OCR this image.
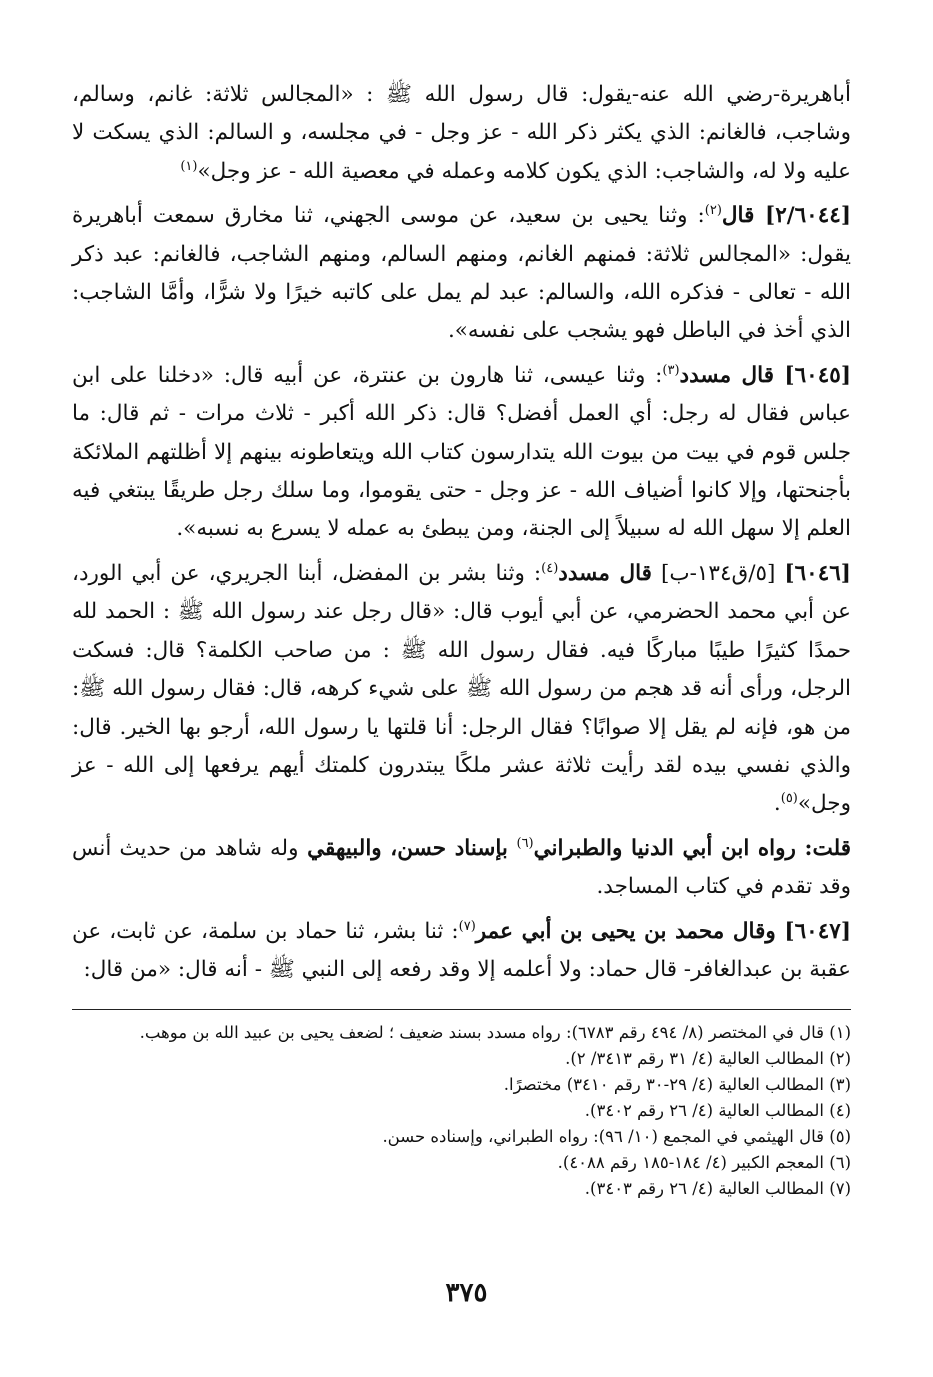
أباهريرة-رضي الله عنه-يقول: قال رسول الله ﷺ : «المجالس ثلاثة: غانم، وسالم، وشاجب، فالغانم: الذي يكثر ذكر الله - عز وجل - في مجلسه، و السالم: الذي يسكت لا عليه ولا له، والشاجب: الذي يكون كلامه وعمله في معصية الله - عز وجل»$^{(١)}$

[٢/٦٠٤٤] قال$^{(٢)}$: وثنا يحيى بن سعيد، عن موسى الجهني، ثنا مخارق سمعت أباهريرة يقول: «المجالس ثلاثة: فمنهم الغانم، ومنهم السالم، ومنهم الشاجب، فالغانم: عبد ذكر الله - تعالى - فذكره الله، والسالم: عبد لم يمل على كاتبه خيرًا ولا شرًّا، وأمَّا الشاجب: الذي أخذ في الباطل فهو يشجب على نفسه».

[٦٠٤٥] قال مسدد$^{(٣)}$: وثنا عيسى، ثنا هارون بن عنترة، عن أبيه قال: «دخلنا على ابن عباس فقال له رجل: أي العمل أفضل؟ قال: ذكر الله أكبر - ثلاث مرات - ثم قال: ما جلس قوم في بيت من بيوت الله يتدارسون كتاب الله ويتعاطونه بينهم إلا أظلتهم الملائكة بأجنحتها، وإلا كانوا أضياف الله - عز وجل - حتى يقوموا، وما سلك رجل طريقًا يبتغي فيه العلم إلا سهل الله له سبيلاً إلى الجنة، ومن يبطئ به عمله لا يسرع به نسبه».

[٦٠٤٦] [٥/ق١٣٤-ب] قال مسدد$^{(٤)}$: وثنا بشر بن المفضل، أبنا الجريري، عن أبي الورد، عن أبي محمد الحضرمي، عن أبي أيوب قال: «قال رجل عند رسول الله ﷺ : الحمد لله حمدًا كثيرًا طيبًا مباركًا فيه. فقال رسول الله ﷺ : من صاحب الكلمة؟ قال: فسكت الرجل، ورأى أنه قد هجم من رسول الله ﷺ على شيء كرهه، قال: فقال رسول الله ﷺ: من هو، فإنه لم يقل إلا صوابًا؟ فقال الرجل: أنا قلتها يا رسول الله، أرجو بها الخير. قال: والذي نفسي بيده لقد رأيت ثلاثة عشر ملكًا يبتدرون كلمتك أيهم يرفعها إلى الله - عز وجل»$^{(٥)}$.

قلت: رواه ابن أبي الدنيا والطبراني$^{(٦)}$ بإسناد حسن، والبيهقي وله شاهد من حديث أنس وقد تقدم في كتاب المساجد.

[٦٠٤٧] وقال محمد بن يحيى بن أبي عمر$^{(٧)}$: ثنا بشر، ثنا حماد بن سلمة، عن ثابت، عن عقبة بن عبدالغافر- قال حماد: ولا أعلمه إلا وقد رفعه إلى النبي ﷺ - أنه قال: «من قال:

(١) قال في المختصر (٨/ ٤٩٤ رقم ٦٧٨٣): رواه مسدد بسند ضعيف ؛ لضعف يحيى بن عبيد الله بن موهب.

(٢) المطالب العالية (٤/ ٣١ رقم ٣٤١٣/ ٢).

(٣) المطالب العالية (٤/ ٢٩-٣٠ رقم ٣٤١٠) مختصرًا.

(٤) المطالب العالية (٤/ ٢٦ رقم ٣٤٠٢).

(٥) قال الهيثمي في المجمع (١٠/ ٩٦): رواه الطبراني، وإسناده حسن.

(٦) المعجم الكبير (٤/ ١٨٤-١٨٥ رقم ٤٠٨٨).

(٧) المطالب العالية (٤/ ٢٦ رقم ٣٤٠٣).

٣٧٥
